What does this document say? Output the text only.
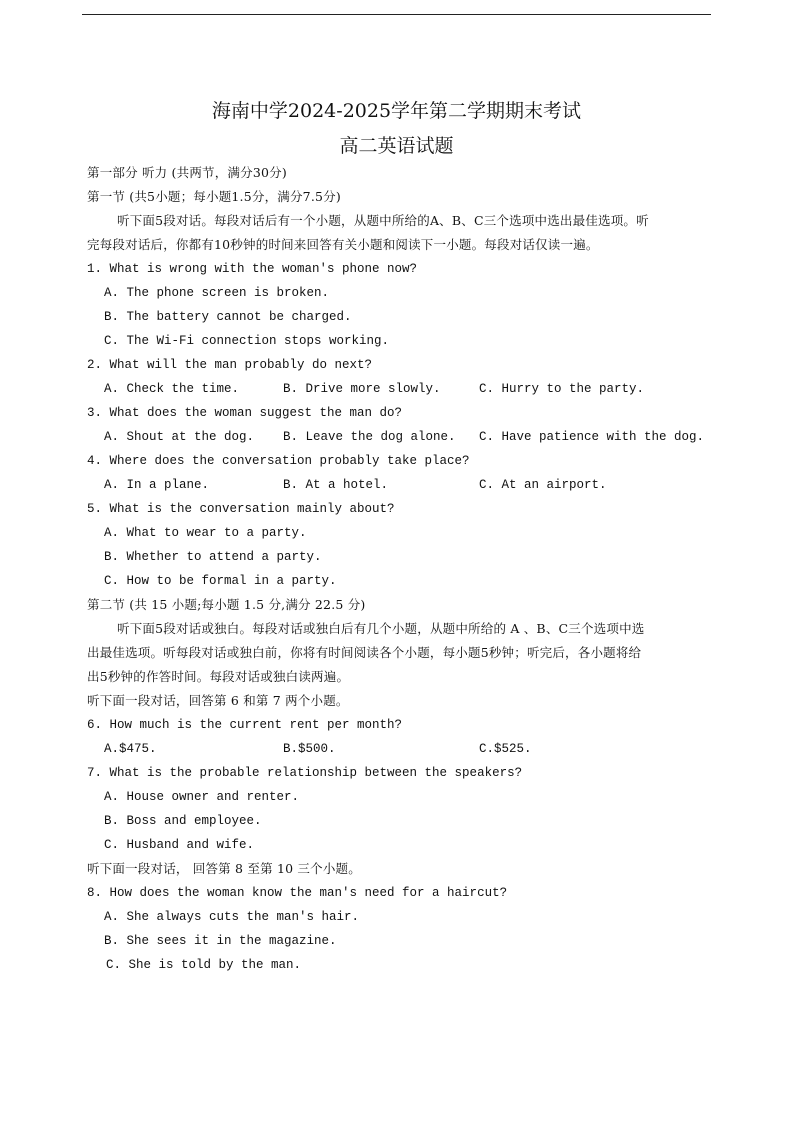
海南中学2024-2025学年第二学期期末考试
高二英语试题
第一部分 听力 (共两节，满分30分)
第一节 (共5小题；每小题1.5分，满分7.5分)
听下面5段对话。每段对话后有一个小题，从题中所给的A、B、C三个选项中选出最佳选项。听
完每段对话后，你都有10秒钟的时间来回答有关小题和阅读下一小题。每段对话仅读一遍。
1. What is wrong with the woman's phone now?
A. The phone screen is broken.
B. The battery cannot be charged.
C. The Wi-Fi connection stops working.
2. What will the man probably do next?
A. Check the time.	B. Drive more slowly.	C. Hurry to the party.
3. What does the woman suggest the man do?
A. Shout at the dog. B. Leave the dog alone. C. Have patience with the dog.
4. Where does the conversation probably take place?
A. In a plane.	B. At a hotel.	C. At an airport.
5. What is the conversation mainly about?
A. What to wear to a party.
B. Whether to attend a party.
C. How to be formal in a party.
第二节 (共 15 小题;每小题 1.5 分,满分 22.5 分)
听下面5段对话或独白。每段对话或独白后有几个小题，从题中所给的 A 、B、C三个选项中选
出最佳选项。听每段对话或独白前，你将有时间阅读各个小题，每小题5秒钟；听完后，各小题将给
出5秒钟的作答时间。每段对话或独白读两遍。
听下面一段对话，回答第 6 和第 7 两个小题。
6. How much is the current rent per month?
A.$475.	B.$500.	C.$525.
7. What is the probable relationship between the speakers?
A. House owner and renter.
B. Boss and employee.
C. Husband and wife.
听下面一段对话， 回答第 8 至第 10 三个小题。
8. How does the woman know the man's need for a haircut?
A. She always cuts the man's hair.
B. She sees it in the magazine.
C. She is told by the man.
